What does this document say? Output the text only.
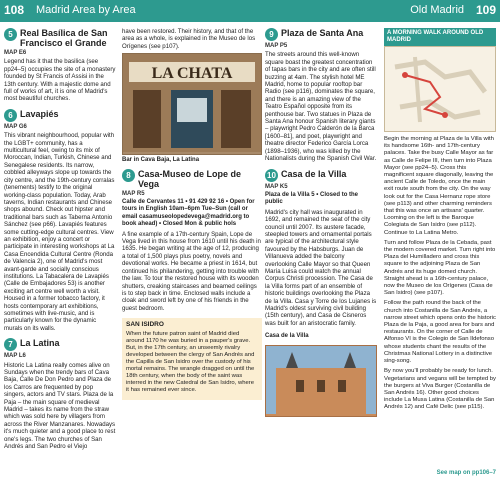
108 Madrid Area by Area	Old Madrid 109
5 Real Basílica de San Francisco el Grande
MAP E6

Legend has it that the basilica (see pp24–5) occupies the site of a monastery founded by St Francis of Assisi in the 13th century. With a majestic dome and full of works of art, it is one of Madrid's most beautiful churches.

6 Lavapiés
MAP G6

This vibrant neighbourhood, popular with the LGBT+ community, has a multicultural feel, owing to its mix of Moroccan, Indian, Turkish, Chinese and Senegalese residents. Its narrow, cobbled alleyways slope up towards the city centre, and the 19th-century corralas (tenements) testify to the original working-class population. Today, Arab taverns, Indian restaurants and Chinese shops abound. Check out hipster and traditional bars such as Taberna Antonio Sánchez (see p66). Lavapiés features some cutting-edge cultural centres. View an exhibition, enjoy a concert or participate in interesting workshops at La Casa Encendida Cultural Centre (Ronda de Valencia 2), one of Madrid's most avant-garde and socially conscious institutions. La Tabacalera de Lavapiés (Calle de Embajadores 53) is another exciting art centre well worth a visit. Housed in a former tobacco factory, it hosts contemporary art exhibitions, sometimes with live-music, and is particularly known for the dynamic murals on its walls.

7 La Latina
MAP L6

Historic La Latina really comes alive on Sundays when the trendy bars of Cava Baja, Calle De Don Pedro and Plaza de los Carros are frequented by pop singers, actors and TV stars. Plaza de la Paja – the main square of medieval Madrid – takes its name from the straw which was sold here by villagers from across the River Manzanares. Nowadays it's much quieter and a good place to rest one's legs. The two churches of San Andrés and San Pedro el Viejo

have been restored. Their history, and that of the area as a whole, is explained in the Museo de los Orígenes (see p107).

LA CHATA
Bar in Cava Baja, La Latina
8 Casa-Museo de Lope de Vega
MAP R5
Calle de Cervantes 11 • 91 429 92 16 • Open for tours in English 10am–6pm Tue–Sun (call or email casamuseolopedevega@madrid.org to book ahead) • Closed Mon & public hols

A fine example of a 17th-century Spain, Lope de Vega lived in this house from 1610 until his death in 1635. He began writing at the age of 12, producing a total of 1,500 plays plus poetry, novels and devotional works. He became a priest in 1614, but continued his philandering, getting into trouble with the law. To tour the restored house with its wooden shutters, creaking staircases and beamed ceilings is to step back in time. Enclosed walls include a cloak and sword left by one of his friends in the guest bedroom.

SAN ISIDRO

When the future patron saint of Madrid died around 1170 he was buried in a pauper's grave. But, in the 17th century, an unseemly rivalry developed between the clergy of San Andrés and the Capilla de San Isidro over the custody of his mortal remains. The wrangle dragged on until the 18th century, when the body of the saint was interred in the new Catedral de San Isidro, where it has remained ever since.

9 Plaza de Santa Ana
MAP P5

The streets around this well-known square boast the greatest concentration of tapas bars in the city and are often still buzzing at 4am. The stylish hotel ME Madrid, home to popular rooftop bar Radio (see p116), dominates the square, and there is an amazing view of the Teatro Español opposite from its penthouse bar. Two statues in Plaza de Santa Ana honour Spanish literary giants – playwright Pedro Calderón de la Barca [1600–81], and poet, playwright and theatre director Federico García Lorca (1898–1936), who was killed by the Nationalists during the Spanish Civil War.

10 Casa de la Villa
MAP K5
Plaza de la Villa 5 • Closed to the public

Madrid's city hall was inaugurated in 1692, and remained the seat of the city council until 2007. Its austere facade, steepled towers and ornamental portals are typical of the architectural style favoured by the Habsburgs. Juan de Villanueva added the balcony overlooking Calle Mayor so that Queen María Luisa could watch the annual Corpus Christi procession. The Casa de la Villa forms part of an ensemble of historic buildings overlooking the Plaza de la Villa. Casa y Torre de los Lujanes is Madrid's oldest surviving civil building (15th century), and Casa de Cisneros was built for an aristocratic family.

Casa de la Villa
A MORNING WALK AROUND OLD MADRID

Begin the morning at Plaza de la Villa with its handsome 16th- and 17th-century palaces. Take the busy Calle Mayor as far as Calle de Felipe III, then turn into Plaza Mayor (see pp24–5). Cross this magnificent square diagonally, leaving the ancient Calle de Toledo, once the main exit route south from the city. On the way look out for the Casa Hernanz rope store (see p113) and other charming reminders that this was once an artisans' quarter. Looming on the left is the Baroque Colegiata de San Isidro (see p112). Continue to La Latina Metro.

Turn and follow Plaza de la Cebada, past the modern covered market. Turn right into Plaza del Humilladero and cross this square to the adjoining Plaza de San Andrés and its huge domed church. Straight ahead is a 16th-century palace, now the Museo de los Orígenes (Casa de San Isidro) (see p107).

Follow the path round the back of the church into Costanilla de San Andrés, a narrow street which opens onto the historic Plaza de la Paja, a good area for bars and restaurants. On the corner of Calle de Alfonso VI is the Colegio de San Ildefonso whose students chant the results of the Christmas National Lottery in a distinctive sing-song.

By now you'll probably be ready for lunch. Vegetarians and vegans will be tempted by the burgers at Viva Burger (Costanilla de San Andrés 16). Other good choices include La Musa Latina (Costanilla de San Andrés 12) and Café Delic (see p115).

See map on pp106–7
